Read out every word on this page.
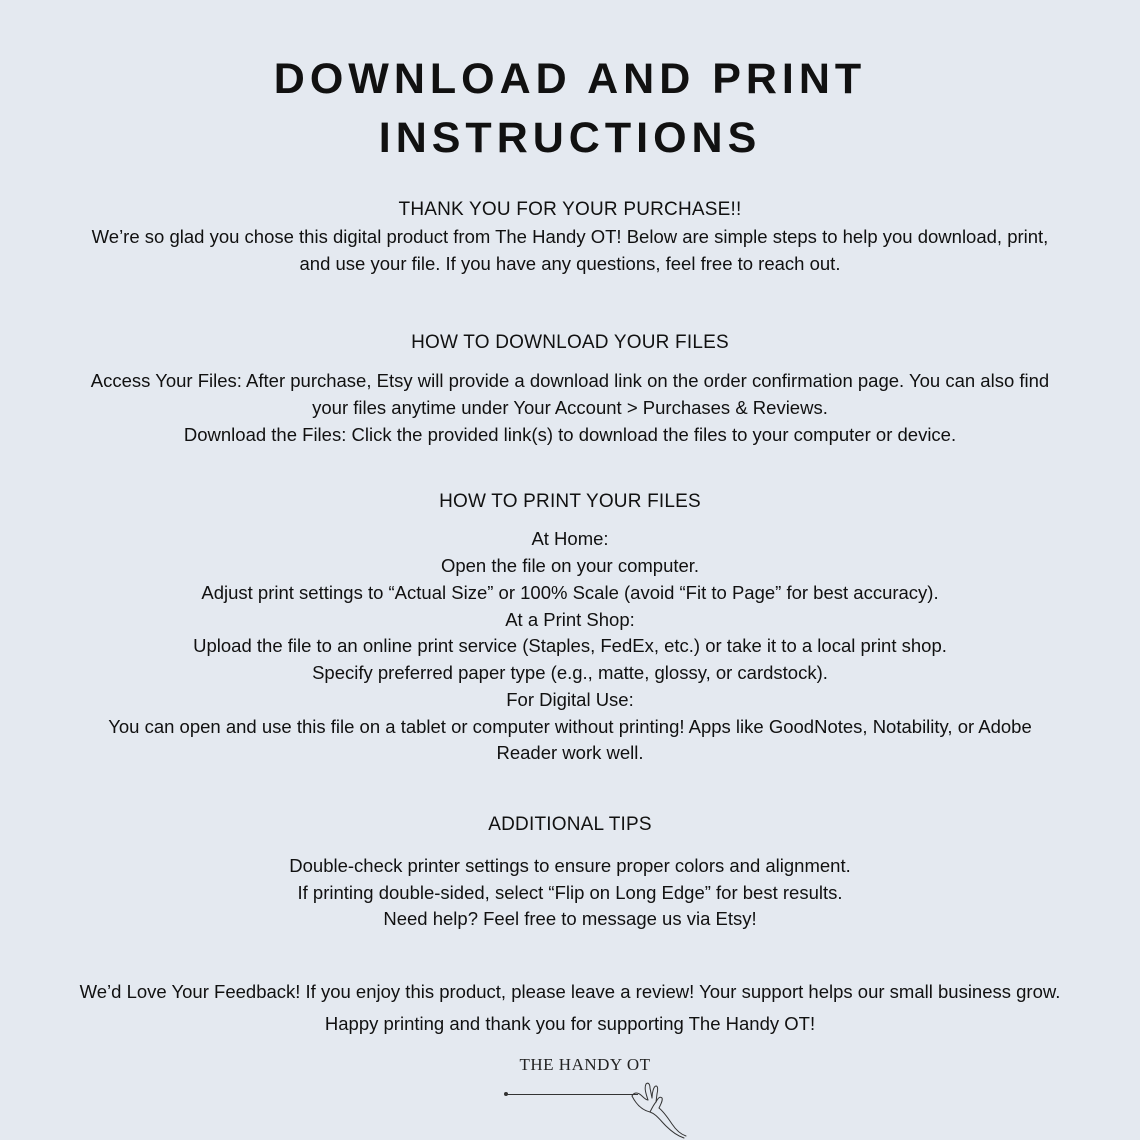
DOWNLOAD AND PRINT
INSTRUCTIONS
THANK YOU FOR YOUR PURCHASE!!
We’re so glad you chose this digital product from The Handy OT! Below are simple steps to help you download, print,
and use your file. If you have any questions, feel free to reach out.
HOW TO DOWNLOAD YOUR FILES
Access Your Files: After purchase, Etsy will provide a download link on the order confirmation page. You can also find
your files anytime under Your Account > Purchases & Reviews.
Download the Files: Click the provided link(s) to download the files to your computer or device.
HOW TO PRINT YOUR FILES
At Home:
Open the file on your computer.
Adjust print settings to “Actual Size” or 100% Scale (avoid “Fit to Page” for best accuracy).
At a Print Shop:
Upload the file to an online print service (Staples, FedEx, etc.) or take it to a local print shop.
Specify preferred paper type (e.g., matte, glossy, or cardstock).
For Digital Use:
You can open and use this file on a tablet or computer without printing! Apps like GoodNotes, Notability, or Adobe
Reader work well.
ADDITIONAL TIPS
Double-check printer settings to ensure proper colors and alignment.
If printing double-sided, select “Flip on Long Edge” for best results.
Need help? Feel free to message us via Etsy!
We’d Love Your Feedback! If you enjoy this product, please leave a review! Your support helps our small business grow.
Happy printing and thank you for supporting The Handy OT!
THE HANDY OT
